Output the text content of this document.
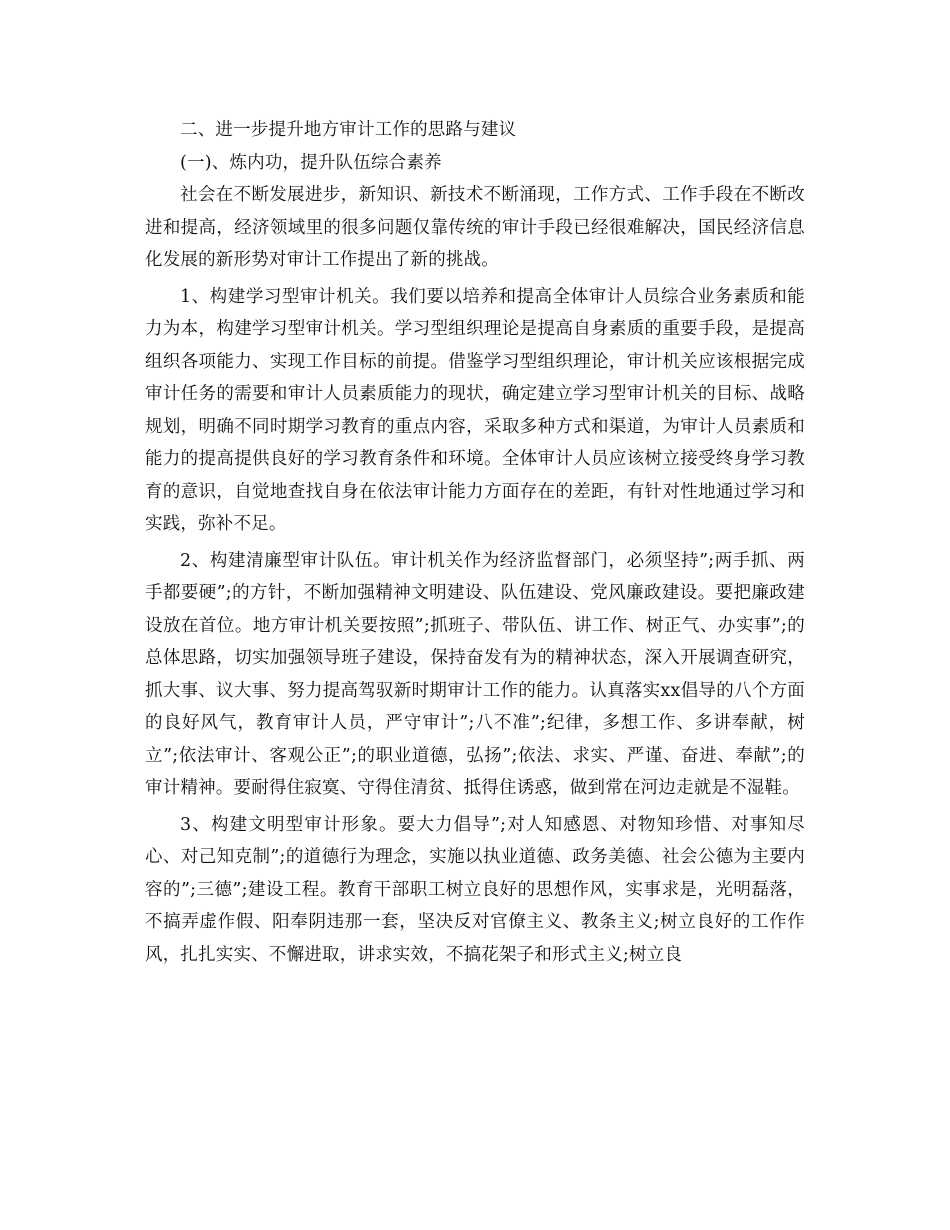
二、进一步提升地方审计工作的思路与建议

(一)、炼内功，提升队伍综合素养

社会在不断发展进步，新知识、新技术不断涌现，工作方式、工作手段在不断改进和提高，经济领域里的很多问题仅靠传统的审计手段已经很难解决，国民经济信息化发展的新形势对审计工作提出了新的挑战。

1、构建学习型审计机关。我们要以培养和提高全体审计人员综合业务素质和能力为本，构建学习型审计机关。学习型组织理论是提高自身素质的重要手段，是提高组织各项能力、实现工作目标的前提。借鉴学习型组织理论，审计机关应该根据完成审计任务的需要和审计人员素质能力的现状，确定建立学习型审计机关的目标、战略规划，明确不同时期学习教育的重点内容，采取多种方式和渠道，为审计人员素质和能力的提高提供良好的学习教育条件和环境。全体审计人员应该树立接受终身学习教育的意识，自觉地查找自身在依法审计能力方面存在的差距，有针对性地通过学习和实践，弥补不足。

2、构建清廉型审计队伍。审计机关作为经济监督部门，必须坚持”;两手抓、两手都要硬”;的方针，不断加强精神文明建设、队伍建设、党风廉政建设。要把廉政建设放在首位。地方审计机关要按照”;抓班子、带队伍、讲工作、树正气、办实事”;的总体思路，切实加强领导班子建设，保持奋发有为的精神状态，深入开展调查研究，抓大事、议大事、努力提高驾驭新时期审计工作的能力。认真落实xx倡导的八个方面的良好风气，教育审计人员，严守审计”;八不准”;纪律，多想工作、多讲奉献，树立”;依法审计、客观公正”;的职业道德，弘扬”;依法、求实、严谨、奋进、奉献”;的审计精神。要耐得住寂寞、守得住清贫、抵得住诱惑，做到常在河边走就是不湿鞋。

3、构建文明型审计形象。要大力倡导”;对人知感恩、对物知珍惜、对事知尽心、对己知克制”;的道德行为理念，实施以执业道德、政务美德、社会公德为主要内容的”;三德”;建设工程。教育干部职工树立良好的思想作风，实事求是，光明磊落，不搞弄虚作假、阳奉阴违那一套，坚决反对官僚主义、教条主义;树立良好的工作作风，扎扎实实、不懈进取，讲求实效，不搞花架子和形式主义;树立良
